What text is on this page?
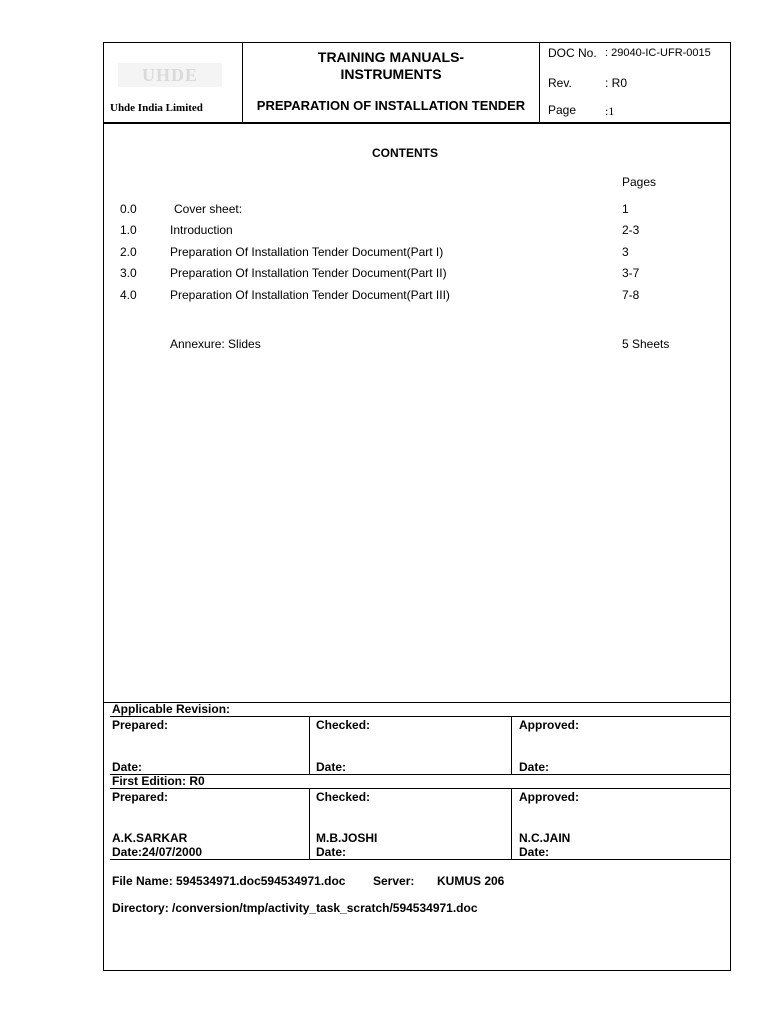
UHDE
Uhde India Limited
TRAINING MANUALS-
INSTRUMENTS
PREPARATION OF INSTALLATION TENDER
DOC No. : 29040-IC-UFR-0015
Rev.	: R0
Page :1
CONTENTS
Pages
0.0	Cover sheet:	1
1.0	Introduction	2-3
2.0	Preparation Of Installation Tender Document(Part I)	3
3.0	Preparation Of Installation Tender Document(Part II)	3-7
4.0	Preparation Of Installation Tender Document(Part III)	7-8
Annexure: Slides	5 Sheets
Applicable Revision:
Prepared:	Checked:	Approved:
Date:	Date:	Date:
First Edition: R0
Prepared:	Checked:	Approved:
A.K.SARKAR	M.B.JOSHI	N.C.JAIN
Date:24/07/2000	Date:	Date:
File Name: 594534971.doc594534971.doc Server: KUMUS 206
Directory: /conversion/tmp/activity_task_scratch/594534971.doc
